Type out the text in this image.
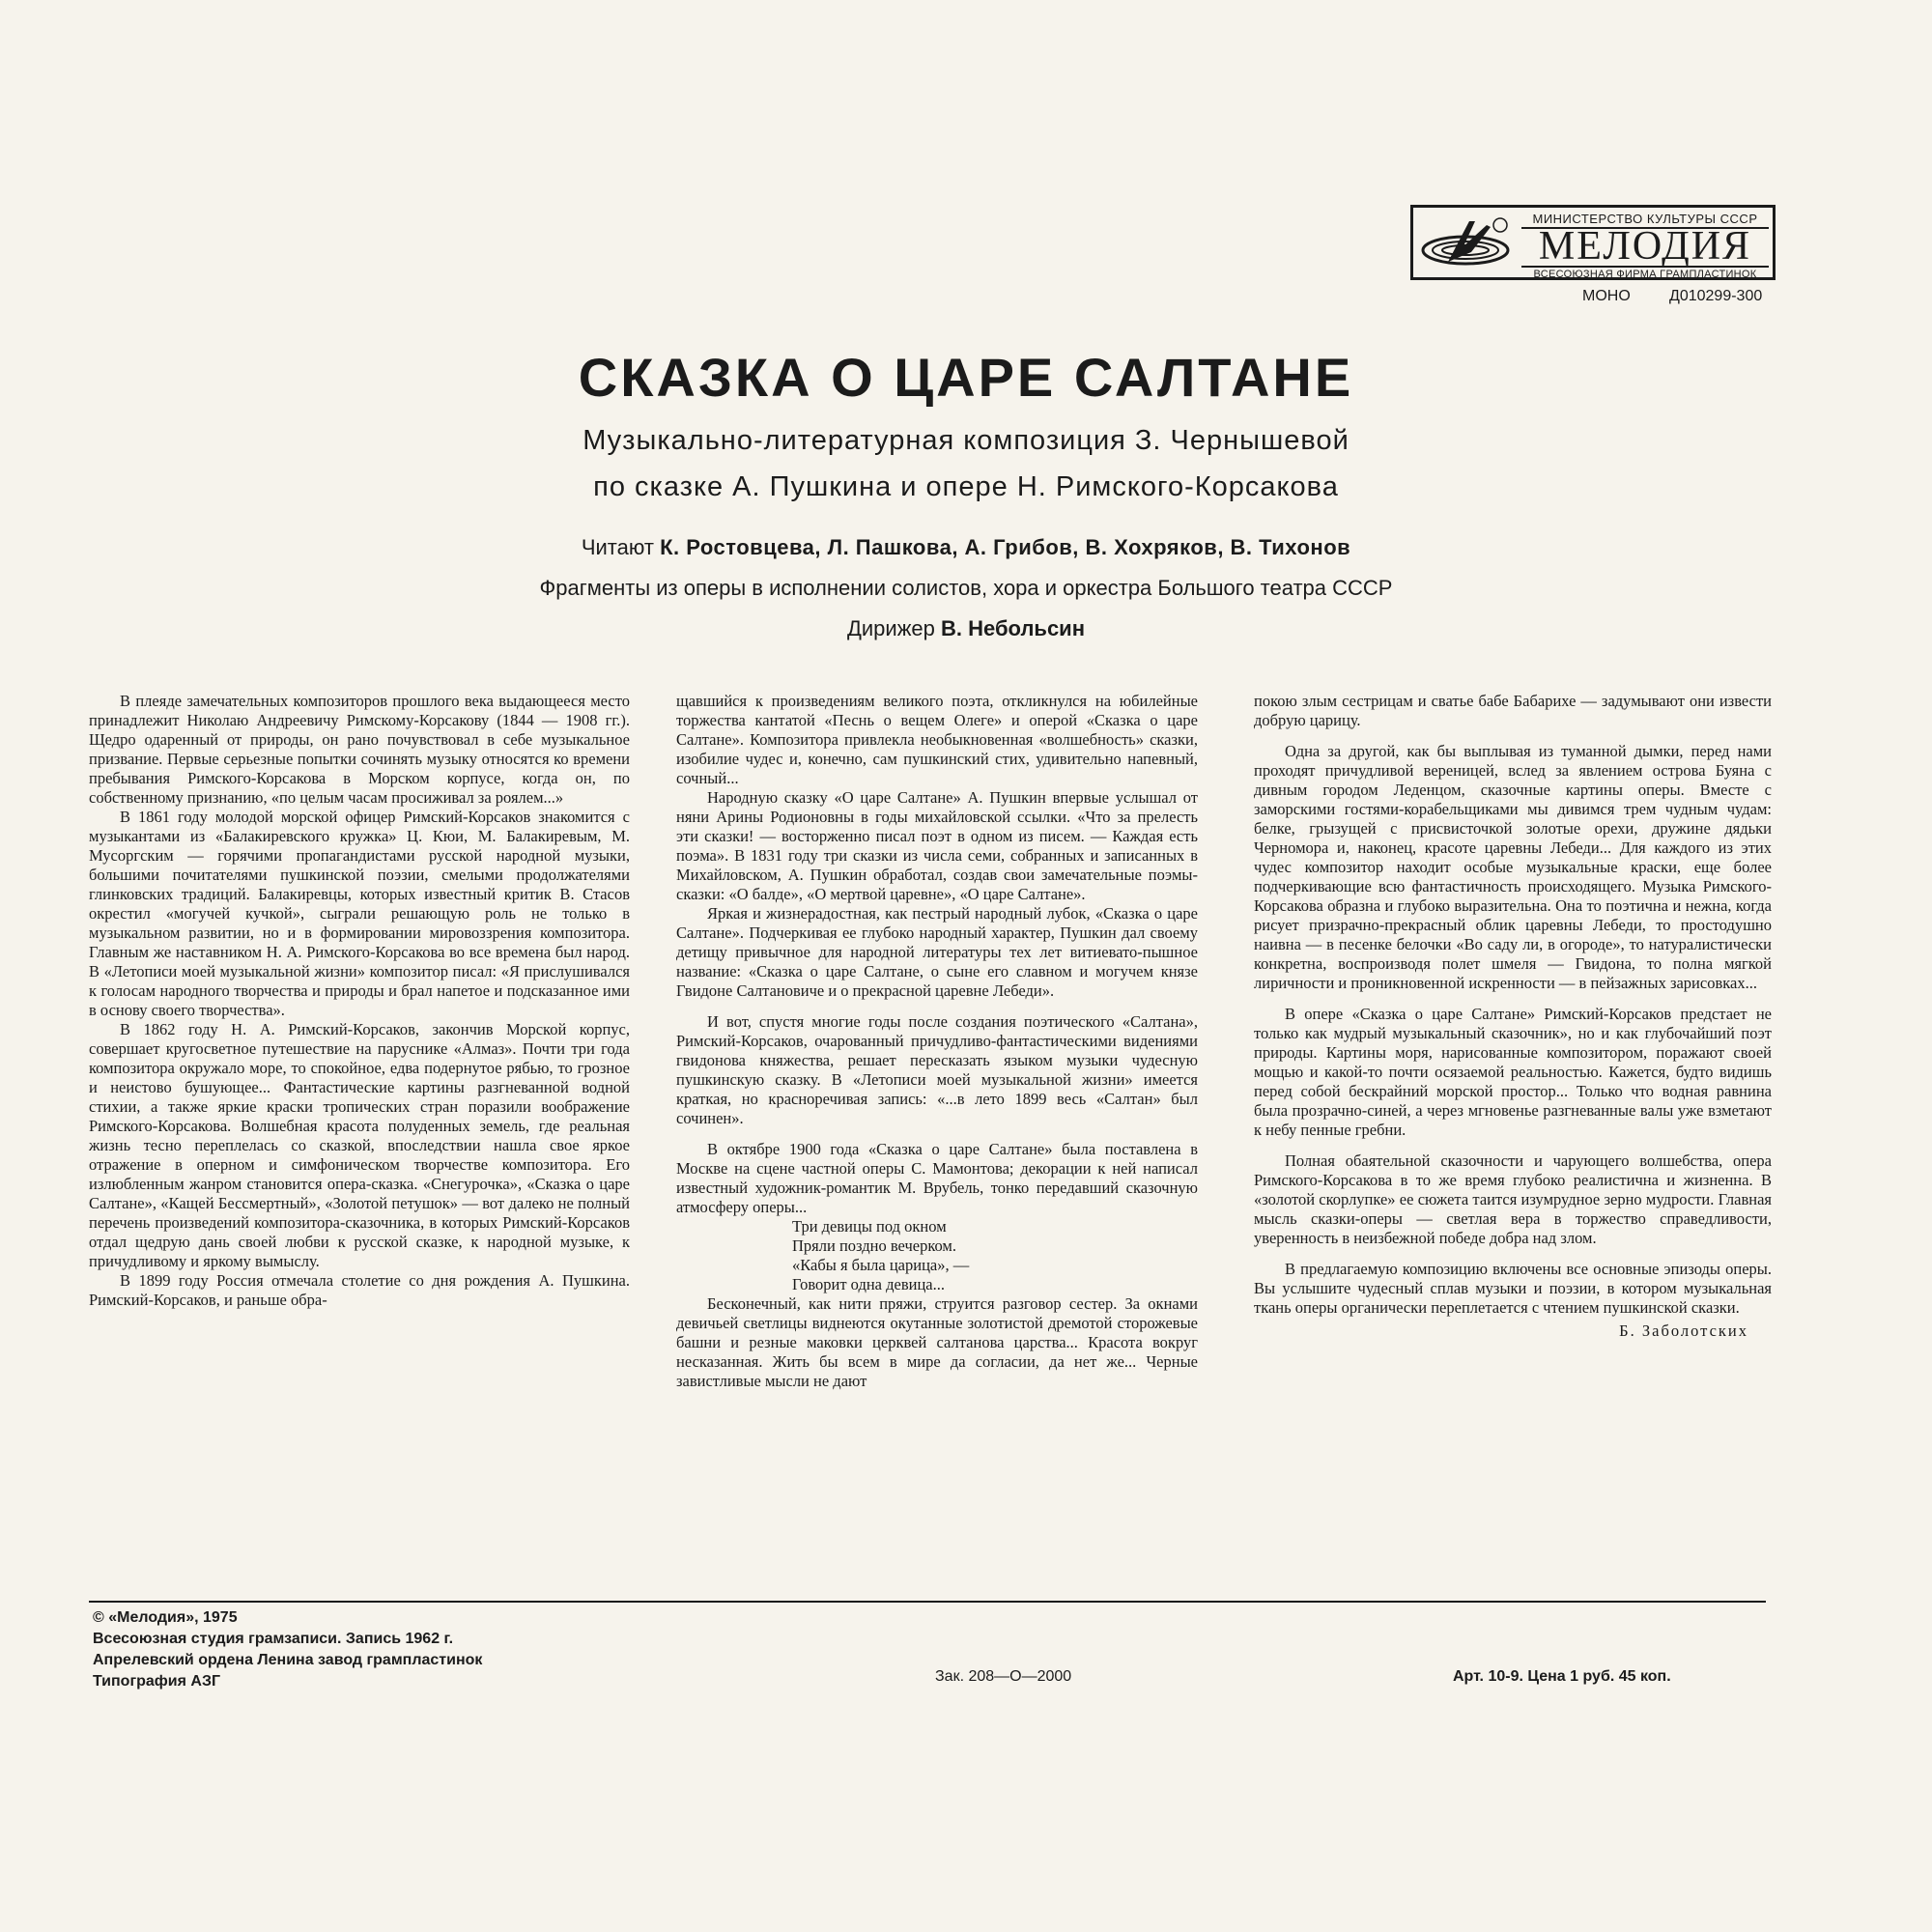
МИНИСТЕРСТВО КУЛЬТУРЫ СССР
МЕЛОДИЯ
ВСЕСОЮЗНАЯ ФИРМА ГРАМПЛАСТИНОК
МОНО	Д010299-300
СКАЗКА О ЦАРЕ САЛТАНЕ
Музыкально-литературная композиция З. Чернышевой
по сказке А. Пушкина и опере Н. Римского-Корсакова
Читают К. Ростовцева, Л. Пашкова, А. Грибов, В. Хохряков, В. Тихонов
Фрагменты из оперы в исполнении солистов, хора и оркестра Большого театра СССР
Дирижер В. Небольсин

В плеяде замечательных композиторов прошлого века выдающееся место принадлежит Николаю Андреевичу Римскому-Корсакову (1844 — 1908 гг.). Щедро одаренный от природы, он рано почувствовал в себе музыкальное призвание. Первые серьезные попытки сочинять музыку относятся ко времени пребывания Римского-Корсакова в Морском корпусе, когда он, по собственному признанию, «по целым часам просиживал за роялем...»

В 1861 году молодой морской офицер Римский-Корсаков знакомится с музыкантами из «Балакиревского кружка» Ц. Кюи, М. Балакиревым, М. Мусоргским — горячими пропагандистами русской народной музыки, большими почитателями пушкинской поэзии, смелыми продолжателями глинковских традиций. Балакиревцы, которых известный критик В. Стасов окрестил «могучей кучкой», сыграли решающую роль не только в музыкальном развитии, но и в формировании мировоззрения композитора. Главным же наставником Н. А. Римского-Корсакова во все времена был народ. В «Летописи моей музыкальной жизни» композитор писал: «Я прислушивался к голосам народного творчества и природы и брал напетое и подсказанное ими в основу своего творчества».

В 1862 году Н. А. Римский-Корсаков, закончив Морской корпус, совершает кругосветное путешествие на паруснике «Алмаз». Почти три года композитора окружало море, то спокойное, едва подернутое рябью, то грозное и неистово бушующее... Фантастические картины разгневанной водной стихии, а также яркие краски тропических стран поразили воображение Римского-Корсакова. Волшебная красота полуденных земель, где реальная жизнь тесно переплелась со сказкой, впоследствии нашла свое яркое отражение в оперном и симфоническом творчестве композитора. Его излюбленным жанром становится опера-сказка. «Снегурочка», «Сказка о царе Салтане», «Кащей Бессмертный», «Золотой петушок» — вот далеко не полный перечень произведений композитора-сказочника, в которых Римский-Корсаков отдал щедрую дань своей любви к русской сказке, к народной музыке, к причудливому и яркому вымыслу.

В 1899 году Россия отмечала столетие со дня рождения А. Пушкина. Римский-Корсаков, и раньше обра-

щавшийся к произведениям великого поэта, откликнулся на юбилейные торжества кантатой «Песнь о вещем Олеге» и оперой «Сказка о царе Салтане». Композитора привлекла необыкновенная «волшебность» сказки, изобилие чудес и, конечно, сам пушкинский стих, удивительно напевный, сочный...

Народную сказку «О царе Салтане» А. Пушкин впервые услышал от няни Арины Родионовны в годы михайловской ссылки. «Что за прелесть эти сказки! — восторженно писал поэт в одном из писем. — Каждая есть поэма». В 1831 году три сказки из числа семи, собранных и записанных в Михайловском, А. Пушкин обработал, создав свои замечательные поэмы-сказки: «О балде», «О мертвой царевне», «О царе Салтане».

Яркая и жизнерадостная, как пестрый народный лубок, «Сказка о царе Салтане». Подчеркивая ее глубоко народный характер, Пушкин дал своему детищу привычное для народной литературы тех лет витиевато-пышное название: «Сказка о царе Салтане, о сыне его славном и могучем князе Гвидоне Салтановиче и о прекрасной царевне Лебеди».

И вот, спустя многие годы после создания поэтического «Салтана», Римский-Корсаков, очарованный причудливо-фантастическими видениями гвидонова княжества, решает пересказать языком музыки чудесную пушкинскую сказку. В «Летописи моей музыкальной жизни» имеется краткая, но красноречивая запись: «...в лето 1899 весь «Салтан» был сочинен».

В октябре 1900 года «Сказка о царе Салтане» была поставлена в Москве на сцене частной оперы С. Мамонтова; декорации к ней написал известный художник-романтик М. Врубель, тонко передавший сказочную атмосферу оперы...

Три девицы под окном
Пряли поздно вечерком.
«Кабы я была царица», —
Говорит одна девица...

Бесконечный, как нити пряжи, струится разговор сестер. За окнами девичьей светлицы виднеются окутанные золотистой дремотой сторожевые башни и резные маковки церквей салтанова царства... Красота вокруг несказанная. Жить бы всем в мире да согласии, да нет же... Черные завистливые мысли не дают

покою злым сестрицам и сватье бабе Бабарихе — задумывают они извести добрую царицу.

Одна за другой, как бы выплывая из туманной дымки, перед нами проходят причудливой вереницей, вслед за явлением острова Буяна с дивным городом Леденцом, сказочные картины оперы. Вместе с заморскими гостями-корабельщиками мы дивимся трем чудным чудам: белке, грызущей с присвисточкой золотые орехи, дружине дядьки Черномора и, наконец, красоте царевны Лебеди... Для каждого из этих чудес композитор находит особые музыкальные краски, еще более подчеркивающие всю фантастичность происходящего. Музыка Римского-Корсакова образна и глубоко выразительна. Она то поэтична и нежна, когда рисует призрачно-прекрасный облик царевны Лебеди, то простодушно наивна — в песенке белочки «Во саду ли, в огороде», то натуралистически конкретна, воспроизводя полет шмеля — Гвидона, то полна мягкой лиричности и проникновенной искренности — в пейзажных зарисовках...

В опере «Сказка о царе Салтане» Римский-Корсаков предстает не только как мудрый музыкальный сказочник», но и как глубочайший поэт природы. Картины моря, нарисованные композитором, поражают своей мощью и какой-то почти осязаемой реальностью. Кажется, будто видишь перед собой бескрайний морской простор... Только что водная равнина была прозрачно-синей, а через мгновенье разгневанные валы уже взметают к небу пенные гребни.

Полная обаятельной сказочности и чарующего волшебства, опера Римского-Корсакова в то же время глубоко реалистична и жизненна. В «золотой скорлупке» ее сюжета таится изумрудное зерно мудрости. Главная мысль сказки-оперы — светлая вера в торжество справедливости, уверенность в неизбежной победе добра над злом.

В предлагаемую композицию включены все основные эпизоды оперы. Вы услышите чудесный сплав музыки и поэзии, в котором музыкальная ткань оперы органически переплетается с чтением пушкинской сказки.

Б. Заболотских
© «Мелодия», 1975
Всесоюзная студия грамзаписи. Запись 1962 г.
Апрелевский ордена Ленина завод грампластинок
Типография АЗГ	Зак. 208—О—2000	Арт. 10-9. Цена 1 руб. 45 коп.
